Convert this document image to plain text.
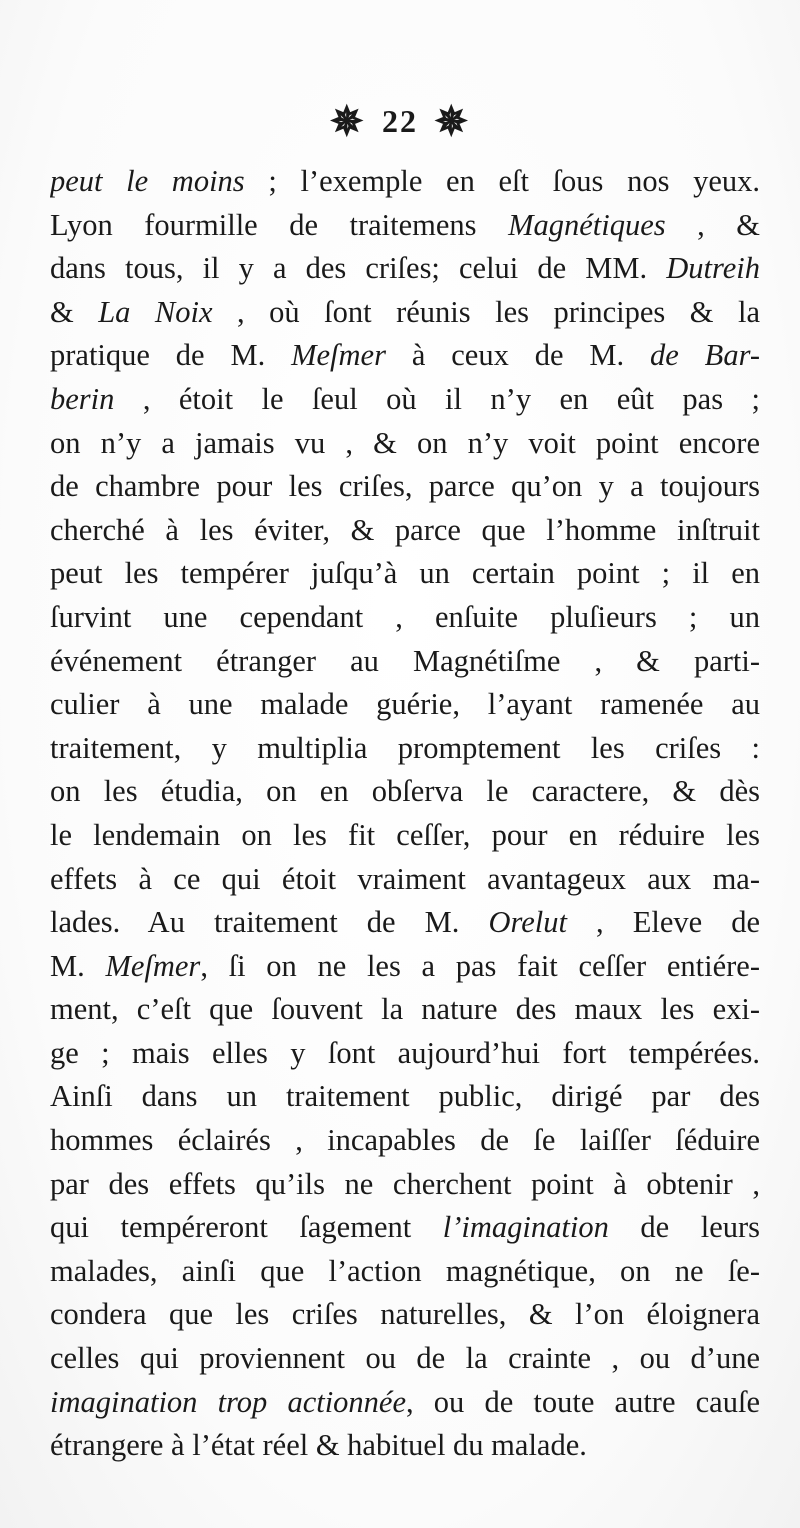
✵ 22 ✵
peut le moins ; l’exemple en eſt ſous nos yeux.
Lyon fourmille de traitemens Magnétiques , &
dans tous, il y a des criſes; celui de MM. Dutreih
& La Noix , où ſont réunis les principes & la
pratique de M. Meſmer à ceux de M. de Bar-
berin , étoit le ſeul où il n’y en eût pas ;
on n’y a jamais vu , & on n’y voit point encore
de chambre pour les criſes, parce qu’on y a toujours
cherché à les éviter, & parce que l’homme inſtruit
peut les tempérer juſqu’à un certain point ; il en
ſurvint une cependant , enſuite pluſieurs ; un
événement étranger au Magnétiſme , & parti-
culier à une malade guérie, l’ayant ramenée au
traitement, y multiplia promptement les criſes :
on les étudia, on en obſerva le caractere, & dès
le lendemain on les fit ceſſer, pour en réduire les
effets à ce qui étoit vraiment avantageux aux ma-
lades. Au traitement de M. Orelut , Eleve de
M. Meſmer, ſi on ne les a pas fait ceſſer entiére-
ment, c’eſt que ſouvent la nature des maux les exi-
ge ; mais elles y ſont aujourd’hui fort tempérées.
Ainſi dans un traitement public, dirigé par des
hommes éclairés , incapables de ſe laiſſer ſéduire
par des effets qu’ils ne cherchent point à obtenir ,
qui tempéreront ſagement l’imagination de leurs
malades, ainſi que l’action magnétique, on ne ſe-
condera que les criſes naturelles, & l’on éloignera
celles qui proviennent ou de la crainte , ou d’une
imagination trop actionnée, ou de toute autre cauſe
étrangere à l’état réel & habituel du malade.
